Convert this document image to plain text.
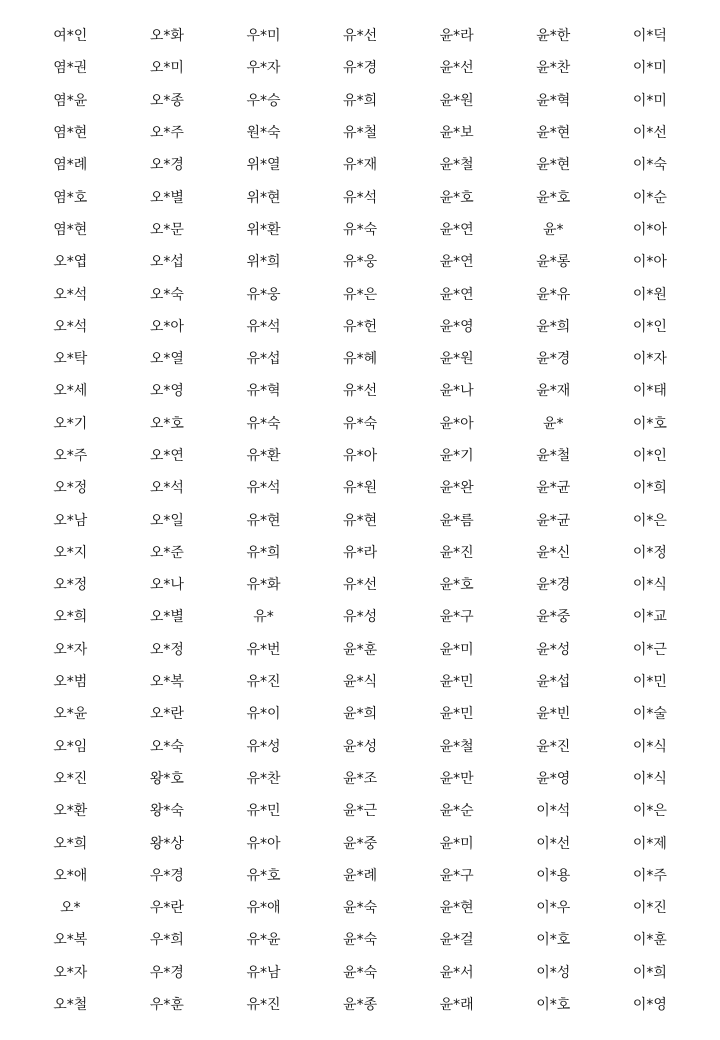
여*인	오*화	우*미	유*선	윤*라	윤*한	이*덕
염*권	오*미	우*자	유*경	윤*선	윤*찬	이*미
염*윤	오*종	우*승	유*희	윤*원	윤*혁	이*미
염*현	오*주	원*숙	유*철	윤*보	윤*현	이*선
염*례	오*경	위*열	유*재	윤*철	윤*현	이*숙
염*호	오*별	위*현	유*석	윤*호	윤*호	이*순
염*현	오*문	위*환	유*숙	윤*연	윤*	이*아
오*엽	오*섭	위*희	유*웅	윤*연	윤*롱	이*아
오*석	오*숙	유*웅	유*은	윤*연	윤*유	이*원
오*석	오*아	유*석	유*헌	윤*영	윤*희	이*인
오*탁	오*열	유*섭	유*혜	윤*원	윤*경	이*자
오*세	오*영	유*혁	유*선	윤*나	윤*재	이*태
오*기	오*호	유*숙	유*숙	윤*아	윤*	이*호
오*주	오*연	유*환	유*아	윤*기	윤*철	이*인
오*정	오*석	유*석	유*원	윤*완	윤*균	이*희
오*남	오*일	유*현	유*현	윤*름	윤*균	이*은
오*지	오*준	유*희	유*라	윤*진	윤*신	이*정
오*정	오*나	유*화	유*선	윤*호	윤*경	이*식
오*희	오*별	유*	유*성	윤*구	윤*중	이*교
오*자	오*정	유*번	윤*훈	윤*미	윤*성	이*근
오*범	오*복	유*진	윤*식	윤*민	윤*섭	이*민
오*윤	오*란	유*이	윤*희	윤*민	윤*빈	이*술
오*임	오*숙	유*성	윤*성	윤*철	윤*진	이*식
오*진	왕*호	유*찬	윤*조	윤*만	윤*영	이*식
오*환	왕*숙	유*민	윤*근	윤*순	이*석	이*은
오*희	왕*상	유*아	윤*중	윤*미	이*선	이*제
오*애	우*경	유*호	윤*례	윤*구	이*용	이*주
오*	우*란	유*애	윤*숙	윤*현	이*우	이*진
오*복	우*희	유*윤	윤*숙	윤*걸	이*호	이*훈
오*자	우*경	유*남	윤*숙	윤*서	이*성	이*희
오*철	우*훈	유*진	윤*종	윤*래	이*호	이*영
